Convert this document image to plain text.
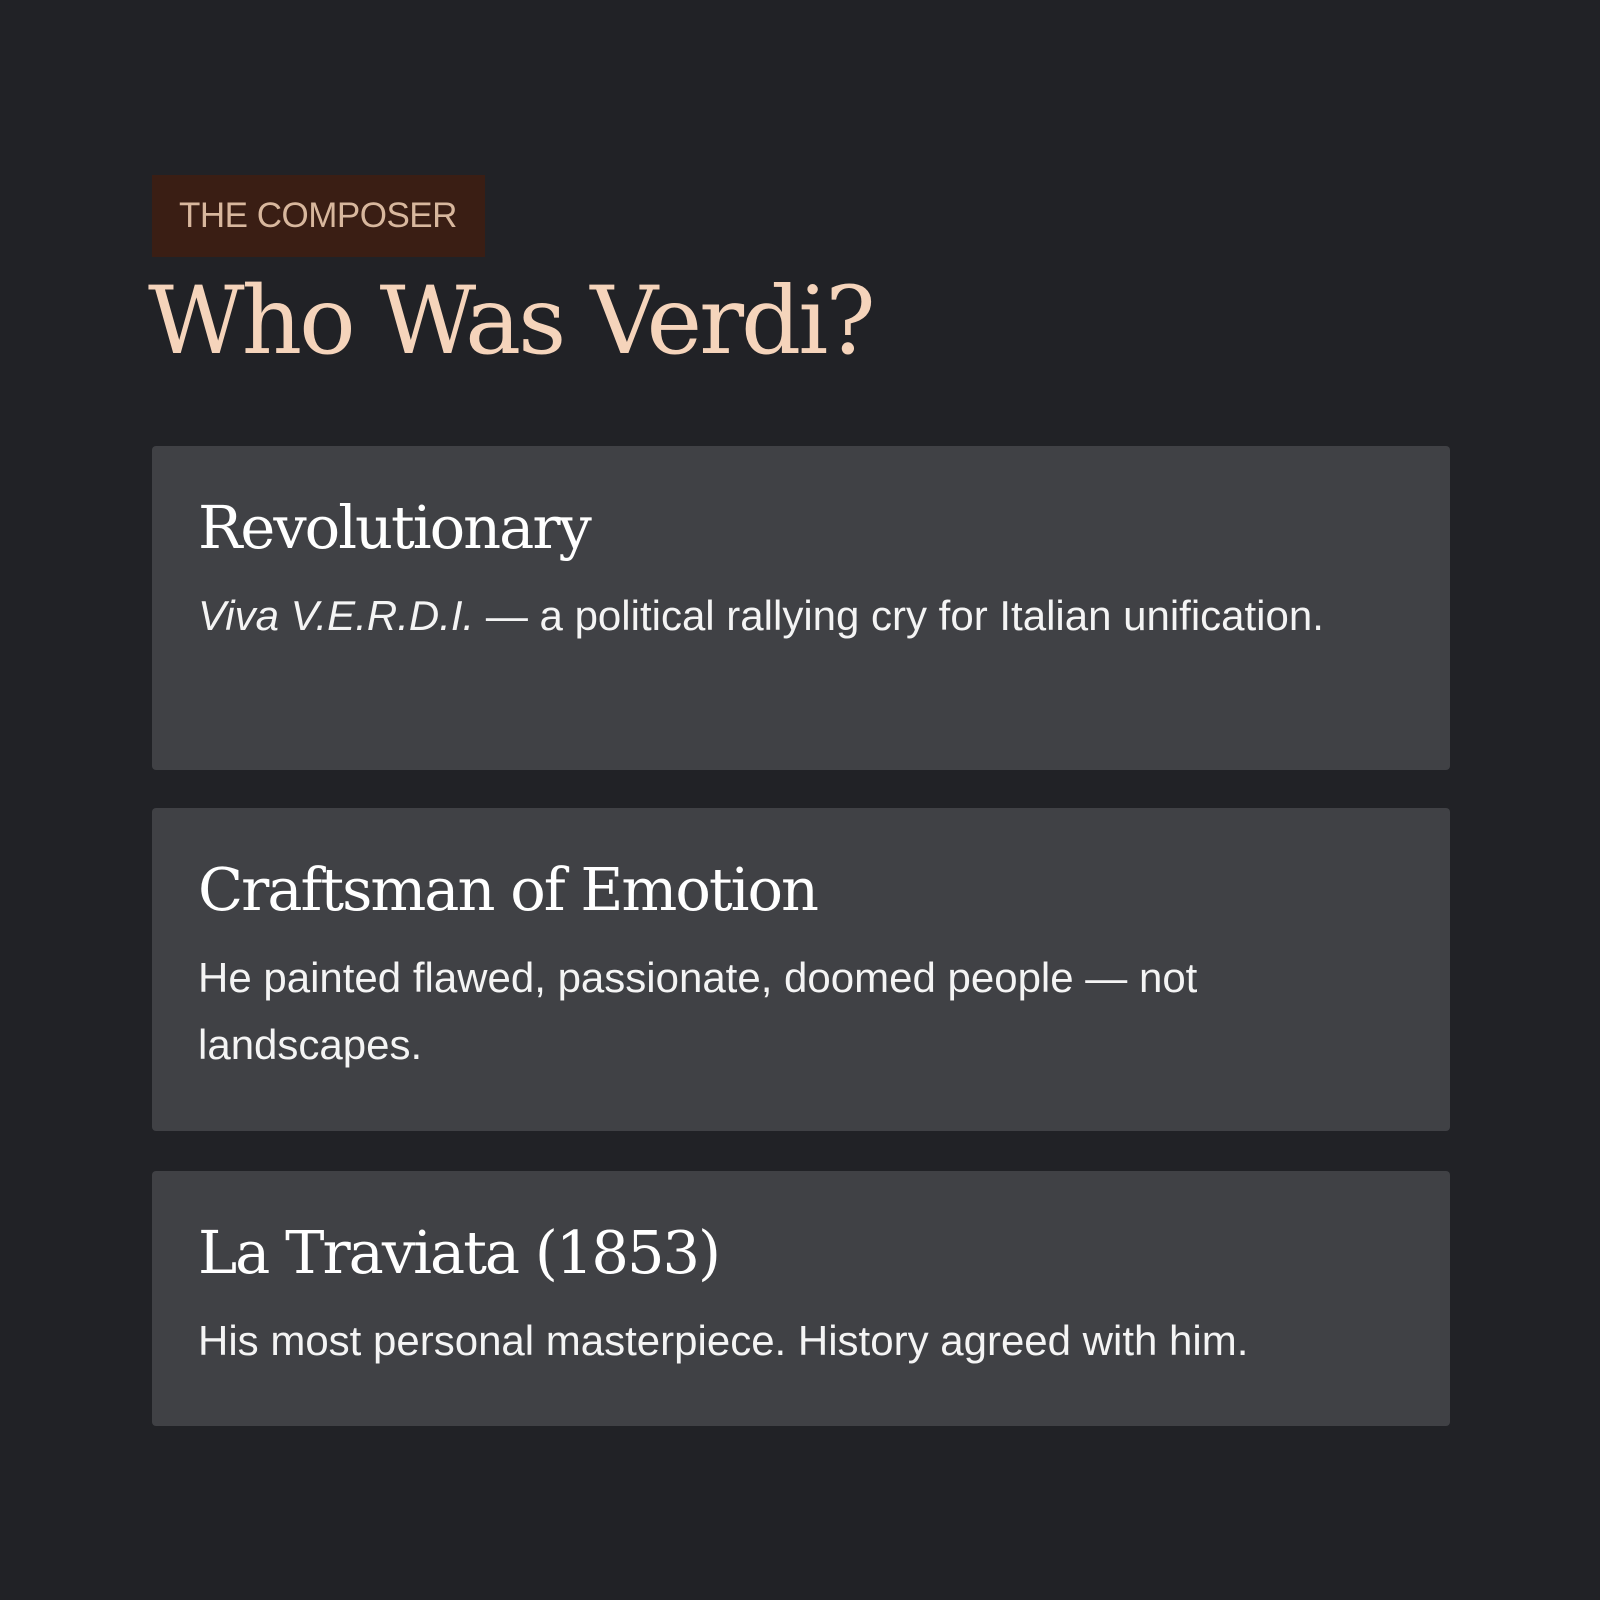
THE COMPOSER
Who Was Verdi?
Revolutionary

Viva V.E.R.D.I. — a political rallying cry for Italian unification.

Craftsman of Emotion

He painted flawed, passionate, doomed people — not landscapes.

La Traviata (1853)

His most personal masterpiece. History agreed with him.
